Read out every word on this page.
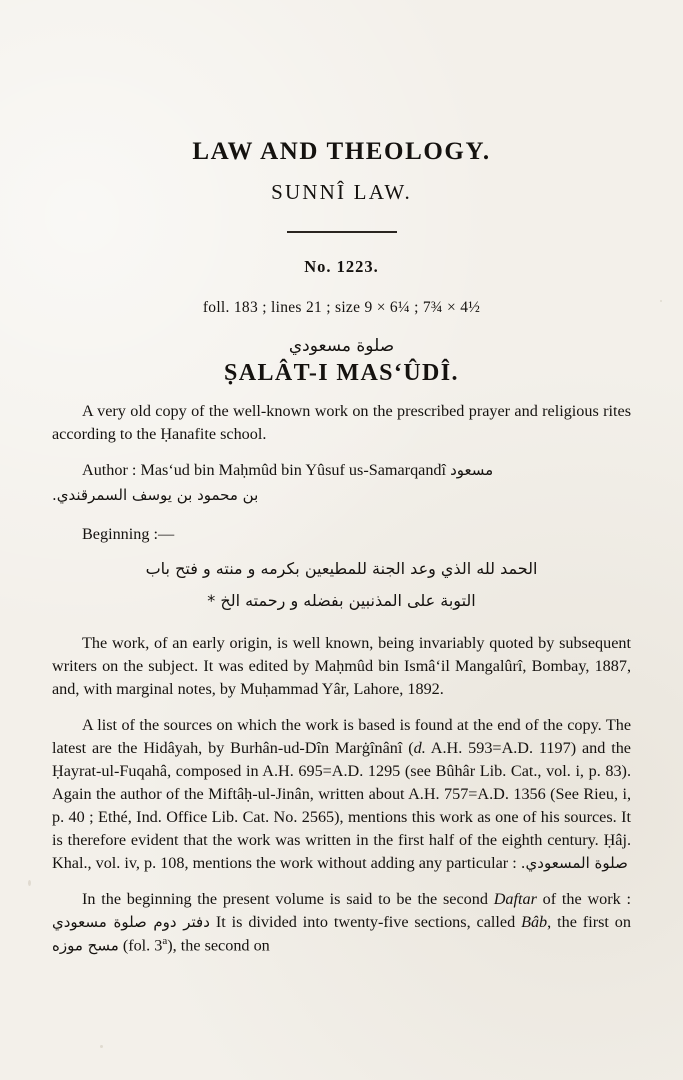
LAW AND THEOLOGY.
SUNNÎ LAW.
No. 1223.
foll. 183 ; lines 21 ; size 9 × 6¼ ; 7¾ × 4½
صلوة مسعودي
ṢALÂT-I MAS‘ÛDÎ.

A very old copy of the well-known work on the prescribed prayer and religious rites according to the Ḥanafite school.

Author : Mas‘ud bin Maḥmûd bin Yûsuf us-Samarqandî مسعود

بن محمود بن يوسف السمرقندي.

Beginning :—

الحمد لله الذي وعد الجنة للمطيعين بكرمه و منته و فتح باب
التوبة على المذنبين بفضله و رحمته الخ *

The work, of an early origin, is well known, being invariably quoted by subsequent writers on the subject. It was edited by Maḥmûd bin Ismâ‘il Mangalûrî, Bombay, 1887, and, with marginal notes, by Muḥammad Yâr, Lahore, 1892.

A list of the sources on which the work is based is found at the end of the copy. The latest are the Hidâyah, by Burhân-ud-Dîn Marġînânî (d. A.H. 593=A.D. 1197) and the Ḥayrat-ul-Fuqahâ, composed in A.H. 695=A.D. 1295 (see Bûhâr Lib. Cat., vol. i, p. 83). Again the author of the Miftâḥ-ul-Jinân, written about A.H. 757=A.D. 1356 (See Rieu, i, p. 40 ; Ethé, Ind. Office Lib. Cat. No. 2565), mentions this work as one of his sources. It is therefore evident that the work was written in the first half of the eighth century. Ḥâj. Khal., vol. iv, p. 108, mentions the work without adding any particular : صلوة المسعودي.

In the beginning the present volume is said to be the second Daftar of the work : دفتر دوم صلوة مسعودي It is divided into twenty-five sections, called Bâb, the first on مسح موزه (fol. 3$^a$), the second on
